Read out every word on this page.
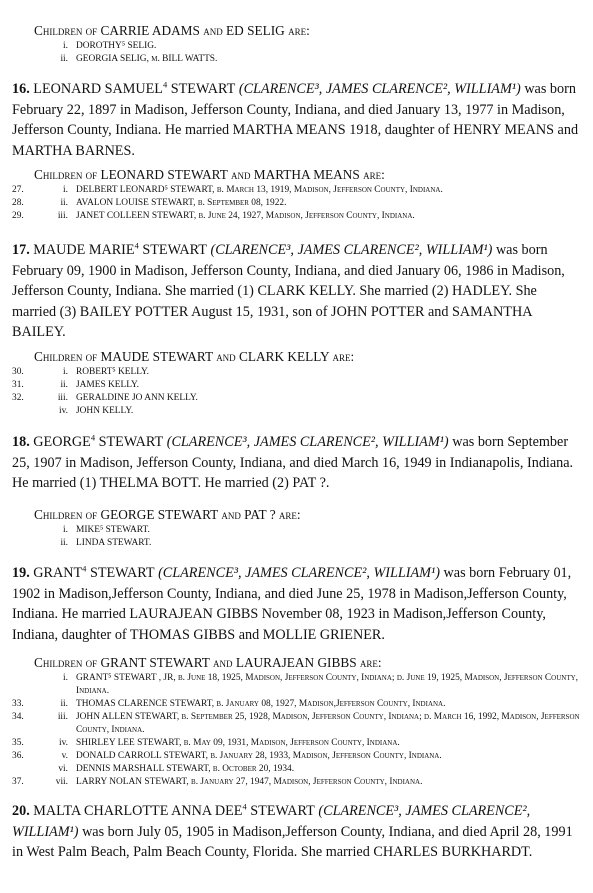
Children of CARRIE ADAMS and ED SELIG are:

i. DOROTHY⁵ SELIG.
ii. GEORGIA SELIG, m. BILL WATTS.

16. LEONARD SAMUEL$^4$ STEWART (CLARENCE³, JAMES CLARENCE², WILLIAM¹) was born February 22, 1897 in Madison, Jefferson County, Indiana, and died January 13, 1977 in Madison, Jefferson County, Indiana. He married MARTHA MEANS 1918, daughter of HENRY MEANS and MARTHA BARNES.

Children of LEONARD STEWART and MARTHA MEANS are:

27.	i. DELBERT LEONARD⁵ STEWART, b. March 13, 1919, Madison, Jefferson County, Indiana.
28.	ii. AVALON LOUISE STEWART, b. September 08, 1922.
29.	iii. JANET COLLEEN STEWART, b. June 24, 1927, Madison, Jefferson County, Indiana.

17. MAUDE MARIE$^4$ STEWART (CLARENCE³, JAMES CLARENCE², WILLIAM¹) was born February 09, 1900 in Madison, Jefferson County, Indiana, and died January 06, 1986 in Madison, Jefferson County, Indiana. She married (1) CLARK KELLY. She married (2) HADLEY. She married (3) BAILEY POTTER August 15, 1931, son of JOHN POTTER and SAMANTHA BAILEY.

Children of MAUDE STEWART and CLARK KELLY are:

30.	i. ROBERT⁵ KELLY.
31.	ii. JAMES KELLY.
32.	iii. GERALDINE JO ANN KELLY.
iv. JOHN KELLY.

18. GEORGE$^4$ STEWART (CLARENCE³, JAMES CLARENCE², WILLIAM¹) was born September 25, 1907 in Madison, Jefferson County, Indiana, and died March 16, 1949 in Indianapolis, Indiana. He married (1) THELMA BOTT. He married (2) PAT ?.

Children of GEORGE STEWART and PAT ? are:

i. MIKE⁵ STEWART.
ii. LINDA STEWART.

19. GRANT$^4$ STEWART (CLARENCE³, JAMES CLARENCE², WILLIAM¹) was born February 01, 1902 in Madison,Jefferson County, Indiana, and died June 25, 1978 in Madison,Jefferson County, Indiana. He married LAURAJEAN GIBBS November 08, 1923 in Madison,Jefferson County, Indiana, daughter of THOMAS GIBBS and MOLLIE GRIENER.

Children of GRANT STEWART and LAURAJEAN GIBBS are:

i. GRANT⁵ STEWART , JR, b. June 18, 1925, Madison, Jefferson County, Indiana; d. June 19, 1925, Madison, Jefferson County, Indiana.
33.	ii. THOMAS CLARENCE STEWART, b. January 08, 1927, Madison,Jefferson County, Indiana.
34.	iii. JOHN ALLEN STEWART, b. September 25, 1928, Madison, Jefferson County, Indiana; d. March 16, 1992, Madison, Jefferson County, Indiana.
35.	iv. SHIRLEY LEE STEWART, b. May 09, 1931, Madison, Jefferson County, Indiana.
36.	v. DONALD CARROLL STEWART, b. January 28, 1933, Madison, Jefferson County, Indiana.
vi. DENNIS MARSHALL STEWART, b. October 20, 1934.
37.	vii. LARRY NOLAN STEWART, b. January 27, 1947, Madison, Jefferson County, Indiana.

20. MALTA CHARLOTTE ANNA DEE$^4$ STEWART (CLARENCE³, JAMES CLARENCE², WILLIAM¹) was born July 05, 1905 in Madison,Jefferson County, Indiana, and died April 28, 1991 in West Palm Beach, Palm Beach County, Florida. She married CHARLES BURKHARDT.
